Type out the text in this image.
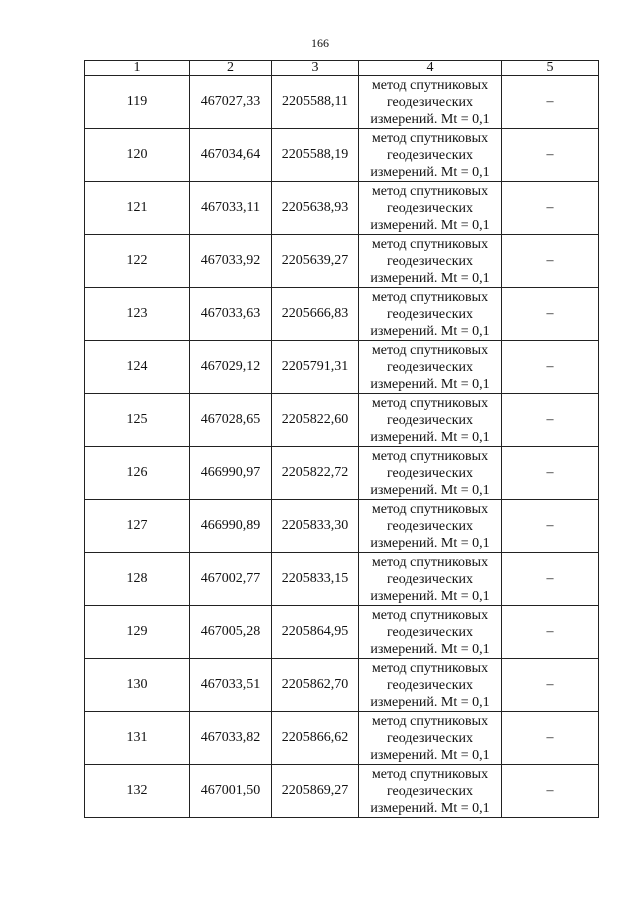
166
1	2	3	4	5
119	467027,33	2205588,11	метод спутниковых
геодезических
измерений. Mt = 0,1	–
120	467034,64	2205588,19	метод спутниковых
геодезических
измерений. Mt = 0,1	–
121	467033,11	2205638,93	метод спутниковых
геодезических
измерений. Mt = 0,1	–
122	467033,92	2205639,27	метод спутниковых
геодезических
измерений. Mt = 0,1	–
123	467033,63	2205666,83	метод спутниковых
геодезических
измерений. Mt = 0,1	–
124	467029,12	2205791,31	метод спутниковых
геодезических
измерений. Mt = 0,1	–
125	467028,65	2205822,60	метод спутниковых
геодезических
измерений. Mt = 0,1	–
126	466990,97	2205822,72	метод спутниковых
геодезических
измерений. Mt = 0,1	–
127	466990,89	2205833,30	метод спутниковых
геодезических
измерений. Mt = 0,1	–
128	467002,77	2205833,15	метод спутниковых
геодезических
измерений. Mt = 0,1	–
129	467005,28	2205864,95	метод спутниковых
геодезических
измерений. Mt = 0,1	–
130	467033,51	2205862,70	метод спутниковых
геодезических
измерений. Mt = 0,1	–
131	467033,82	2205866,62	метод спутниковых
геодезических
измерений. Mt = 0,1	–
132	467001,50	2205869,27	метод спутниковых
геодезических
измерений. Mt = 0,1	–
